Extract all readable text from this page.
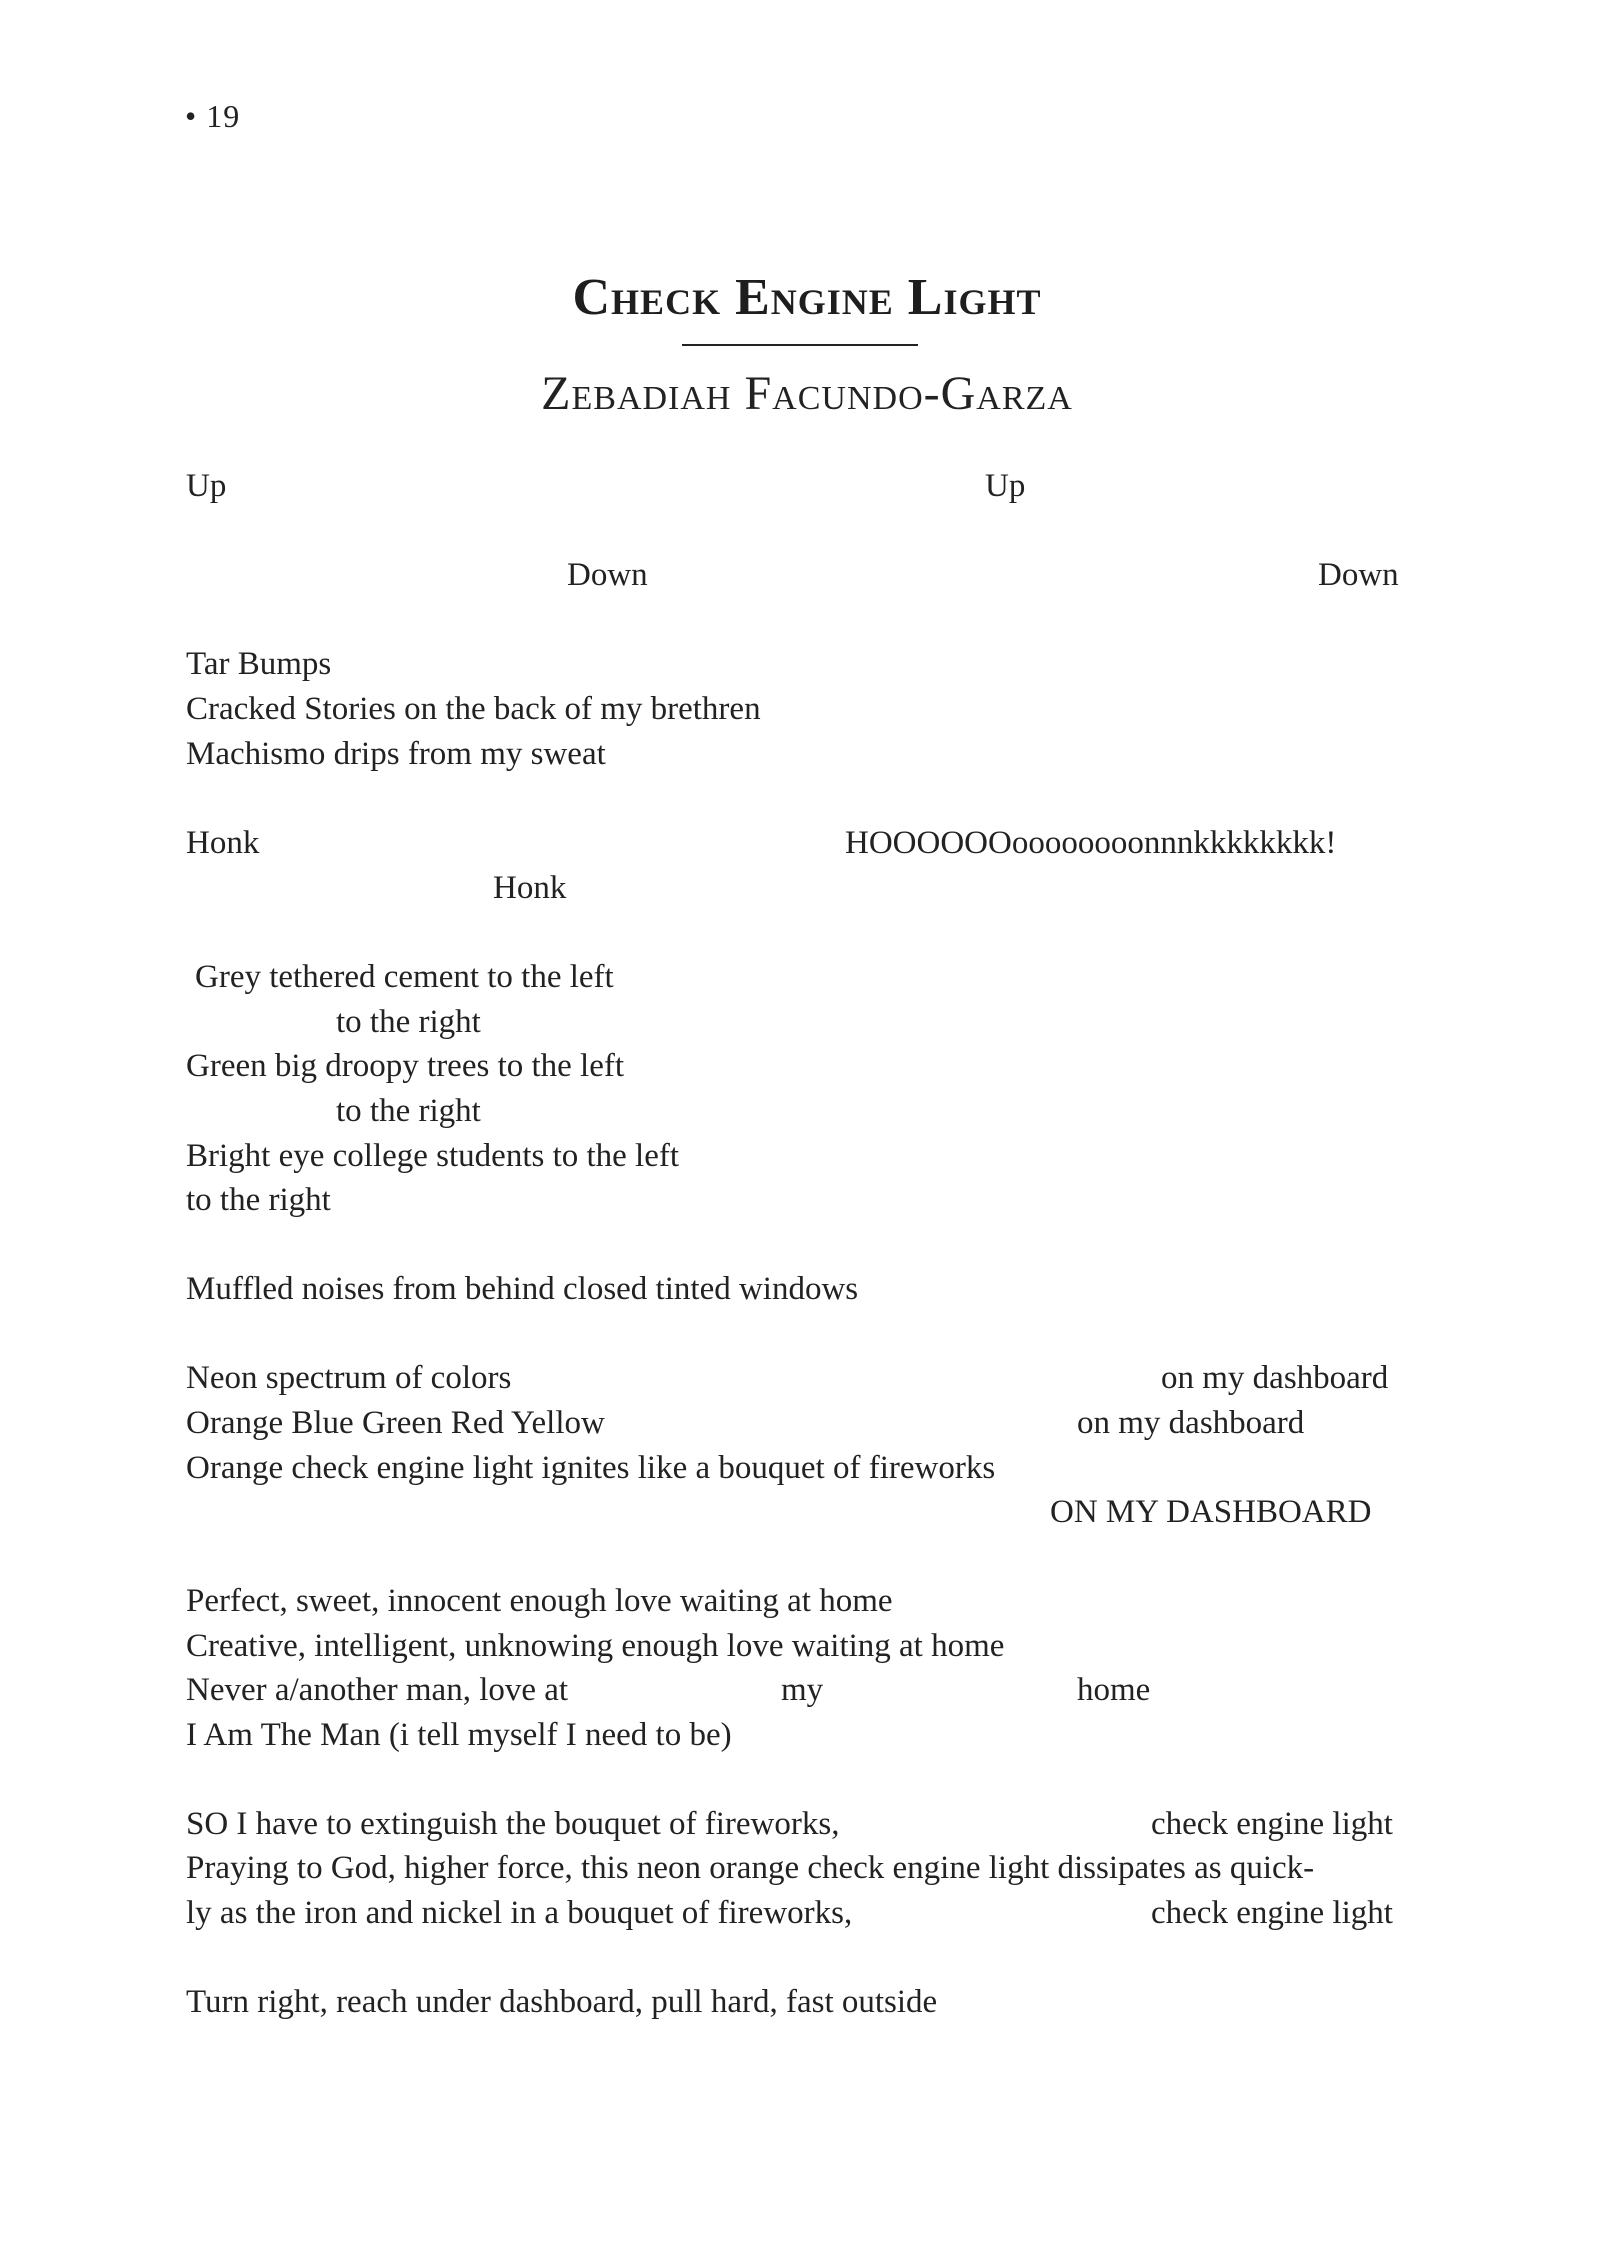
• 19
Check Engine Light
Zebadiah Facundo-Garza
Up	Up
Down	Down
Tar Bumps
Cracked Stories on the back of my brethren
Machismo drips from my sweat
Honk	HOOOOOOoooooooonnnkkkkkkkk!
Honk
Grey tethered cement to the left
to the right
Green big droopy trees to the left
to the right
Bright eye college students to the left
to the right
Muffled noises from behind closed tinted windows
Neon spectrum of colors	on my dashboard
Orange Blue Green Red Yellow	on my dashboard
Orange check engine light ignites like a bouquet of fireworks
ON MY DASHBOARD
Perfect, sweet, innocent enough love waiting at home
Creative, intelligent, unknowing enough love waiting at home
Never a/another man, love at	my	home
I Am The Man (i tell myself I need to be)
SO I have to extinguish the bouquet of fireworks,	check engine light
Praying to God, higher force, this neon orange check engine light dissipates as quick-
ly as the iron and nickel in a bouquet of fireworks,	check engine light
Turn right, reach under dashboard, pull hard, fast outside
